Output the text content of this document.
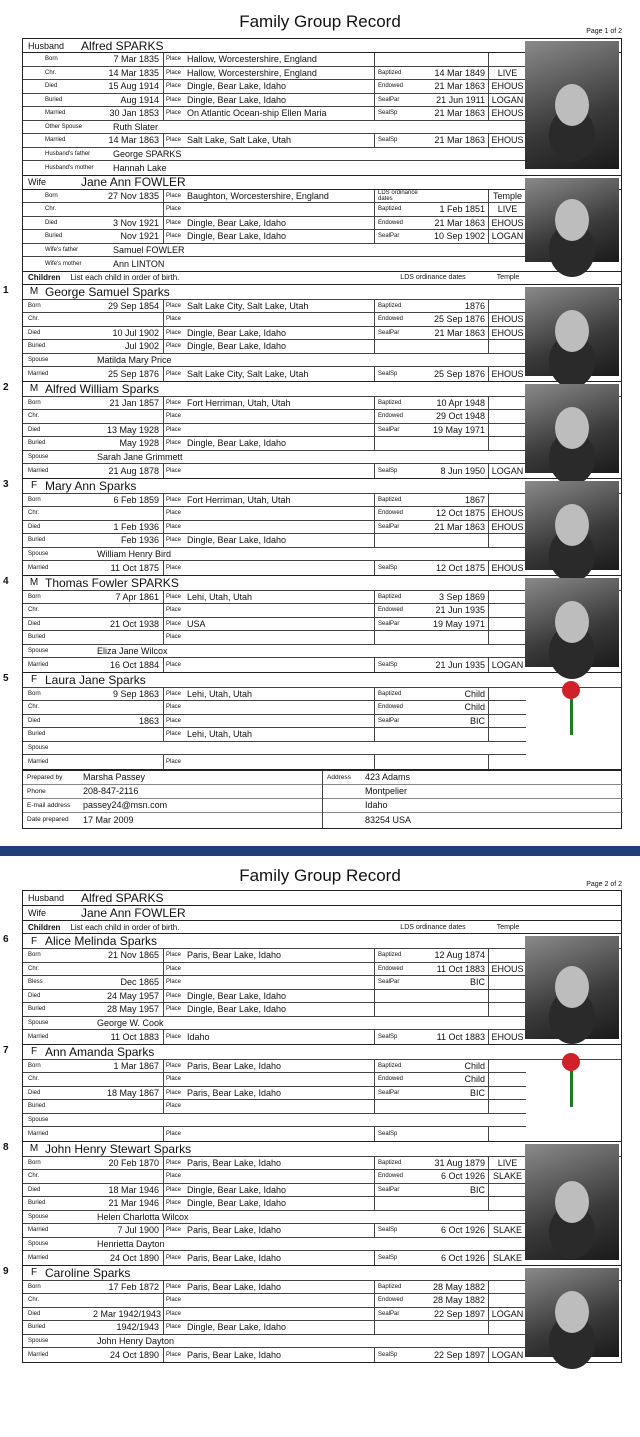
Family Group Record
Page 1 of 2
Husband	Alfred SPARKS
Born	7 Mar 1835	Place Hallow, Worcestershire, England
Chr.	14 Mar 1835	Place Hallow, Worcestershire, England	Baptized	14 Mar 1849	LIVE
Died	15 Aug 1914	Place Dingle, Bear Lake, Idaho	Endowed	21 Mar 1863 EHOUS
Buried	Aug 1914	Place Dingle, Bear Lake, Idaho	SealPar	21 Jun 1911 LOGAN
Married	30 Jan 1853	Place On Atlantic Ocean-ship Ellen Maria	SealSp	21 Mar 1863 EHOUS
Other Spouse	Ruth Slater
Married	14 Mar 1863	Place Salt Lake, Salt Lake, Utah	SealSp	21 Mar 1863 EHOUS
Husband's father	George SPARKS
Husband's mother	Hannah Lake
Wife	Jane Ann FOWLER
Born	27 Nov 1835	Place Baughton, Worcestershire, England	LDS ordinance dates	Temple
Chr.	Place	Baptized	1 Feb 1851	LIVE
Died	3 Nov 1921	Place Dingle, Bear Lake, Idaho	Endowed	21 Mar 1863 EHOUS
Buried	Nov 1921	Place Dingle, Bear Lake, Idaho	SealPar	10 Sep 1902 LOGAN
Wife's father	Samuel FOWLER
Wife's mother	Ann LINTON
Children List each child in order of birth.	LDS ordinance dates	Temple
1	M George Samuel Sparks
Born	29 Sep 1854	Place Salt Lake City, Salt Lake, Utah	Baptized	1876
Chr.	Place	Endowed	25 Sep 1876 EHOUS
Died	10 Jul 1902	Place Dingle, Bear Lake, Idaho	SealPar	21 Mar 1863 EHOUS
Buried	Jul 1902	Place Dingle, Bear Lake, Idaho
Spouse	Matilda Mary Price
Married	25 Sep 1876	Place Salt Lake City, Salt Lake, Utah	SealSp	25 Sep 1876 EHOUS
2	M Alfred William Sparks
Born	21 Jan 1857	Place Fort Herriman, Utah, Utah	Baptized	10 Apr 1948
Chr.	Place	Endowed	29 Oct 1948
Died	13 May 1928	Place	SealPar	19 May 1971
Buried	May 1928	Place Dingle, Bear Lake, Idaho
Spouse	Sarah Jane Grimmett
Married	21 Aug 1878	Place	SealSp	8 Jun 1950 LOGAN
3	F Mary Ann Sparks
Born	6 Feb 1859	Place Fort Herriman, Utah, Utah	Baptized	1867
Chr.	Place	Endowed	12 Oct 1875 EHOUS
Died	1 Feb 1936	Place	SealPar	21 Mar 1863 EHOUS
Buried	Feb 1936	Place Dingle, Bear Lake, Idaho
Spouse	William Henry Bird
Married	11 Oct 1875	Place	SealSp	12 Oct 1875 EHOUS
4	M Thomas Fowler SPARKS
Born	7 Apr 1861	Place Lehi, Utah, Utah	Baptized	3 Sep 1869
Chr.	Place	Endowed	21 Jun 1935
Died	21 Oct 1938	Place USA	SealPar	19 May 1971
Buried	Place
Spouse	Eliza Jane Wilcox
Married	16 Oct 1884	Place	SealSp	21 Jun 1935 LOGAN
5	F Laura Jane Sparks
Born	9 Sep 1863	Place Lehi, Utah, Utah	Baptized	Child
Chr.	Place	Endowed	Child
Died	1863	Place	SealPar	BIC
Buried	Place Lehi, Utah, Utah
Spouse
Married	Place
Prepared by	Marsha Passey
Phone	208-847-2116
E-mail address	passey24@msn.com
Date prepared	17 Mar 2009
Address	423 Adams
Montpelier
Idaho
83254 USA
Family Group Record	Page 2 of 2
Husband	Alfred SPARKS
Wife	Jane Ann FOWLER
Children List each child in order of birth.	LDS ordinance dates	Temple
6	F Alice Melinda Sparks
Born	21 Nov 1865	Place Paris, Bear Lake, Idaho	Baptized	12 Aug 1874
Chr.	Place	Endowed	11 Oct 1883 EHOUS
Bless	Dec 1865	Place	SealPar	BIC
Died	24 May 1957	Place Dingle, Bear Lake, Idaho
Buried	28 May 1957	Place Dingle, Bear Lake, Idaho
Spouse	George W. Cook
Married	11 Oct 1883	Place Idaho	SealSp	11 Oct 1883 EHOUS
7	F Ann Amanda Sparks
Born	1 Mar 1867	Place Paris, Bear Lake, Idaho	Baptized	Child
Chr.	Place	Endowed	Child
Died	18 May 1867	Place Paris, Bear Lake, Idaho	SealPar	BIC
Buried	Place
Spouse
Married	Place	SealSp
8	M John Henry Stewart Sparks
Born	20 Feb 1870	Place Paris, Bear Lake, Idaho	Baptized	31 Aug 1879	LIVE
Chr.	Place	Endowed	6 Oct 1926 SLAKE
Died	18 Mar 1946	Place Dingle, Bear Lake, Idaho	SealPar	BIC
Buried	21 Mar 1946	Place Dingle, Bear Lake, Idaho
Spouse	Helen Charlotta Wilcox
Married	7 Jul 1900	Place Paris, Bear Lake, Idaho	SealSp	6 Oct 1926 SLAKE
Spouse	Henrietta Dayton
Married	24 Oct 1890	Place Paris, Bear Lake, Idaho	SealSp	6 Oct 1926 SLAKE
9	F Caroline Sparks
Born	17 Feb 1872	Place Paris, Bear Lake, Idaho	Baptized	28 May 1882
Chr.	Place	Endowed	28 May 1882
Died	2 Mar 1942/1943 Place	SealPar	22 Sep 1897 LOGAN
Buried	1942/1943	Place Dingle, Bear Lake, Idaho
Spouse	John Henry Dayton
Married	24 Oct 1890	Place Paris, Bear Lake, Idaho	SealSp	22 Sep 1897 LOGAN
